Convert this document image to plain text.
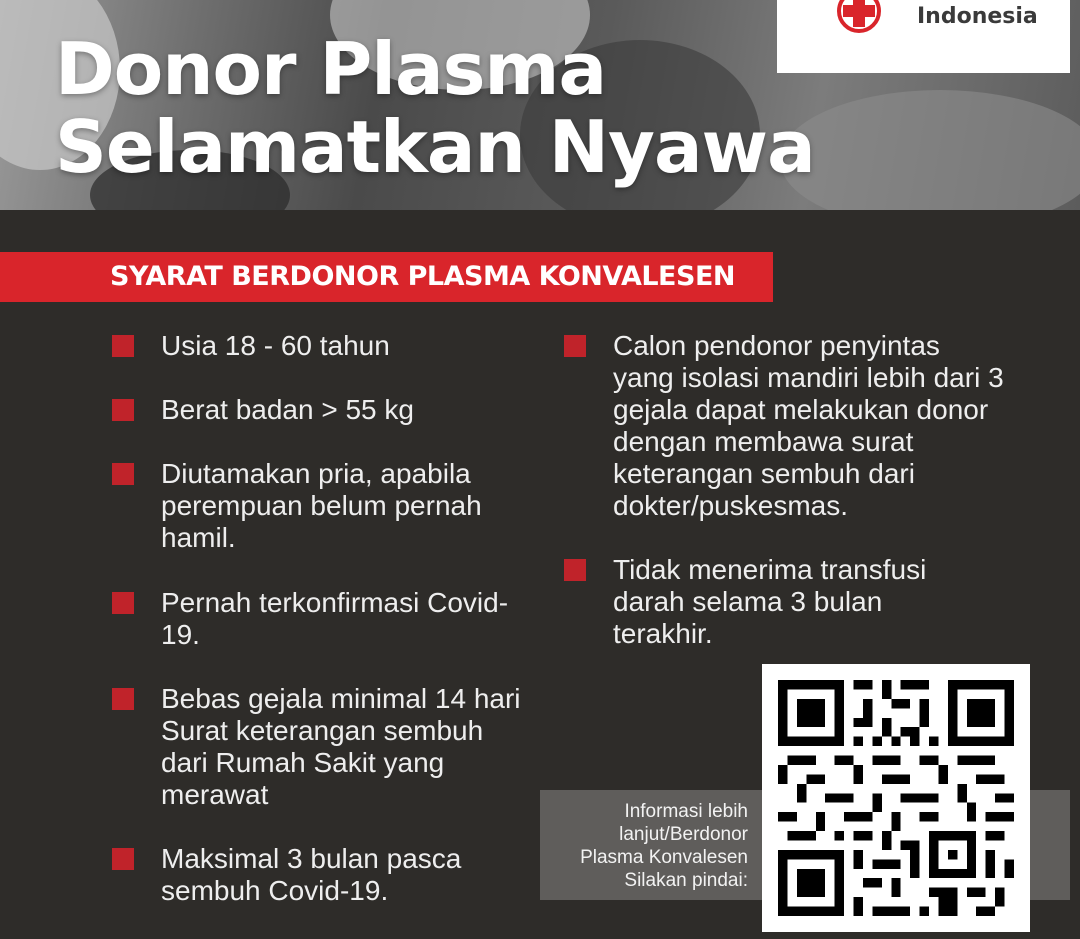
Donor Plasma
Selamatkan Nyawa
Indonesia
SYARAT BERDONOR PLASMA KONVALESEN

Usia 18 - 60 tahun

Berat badan > 55 kg

Diutamakan pria, apabila perempuan belum pernah hamil.

Pernah terkonfirmasi Covid-19.

Bebas gejala minimal 14 hari Surat keterangan sembuh dari Rumah Sakit yang merawat

Maksimal 3 bulan pasca sembuh Covid-19.

Calon pendonor penyintas yang isolasi mandiri lebih dari 3 gejala dapat melakukan donor dengan membawa surat keterangan sembuh dari dokter/puskesmas.

Tidak menerima transfusi darah selama 3 bulan terakhir.

Informasi lebih
lanjut/Berdonor
Plasma Konvalesen
Silakan pindai:
